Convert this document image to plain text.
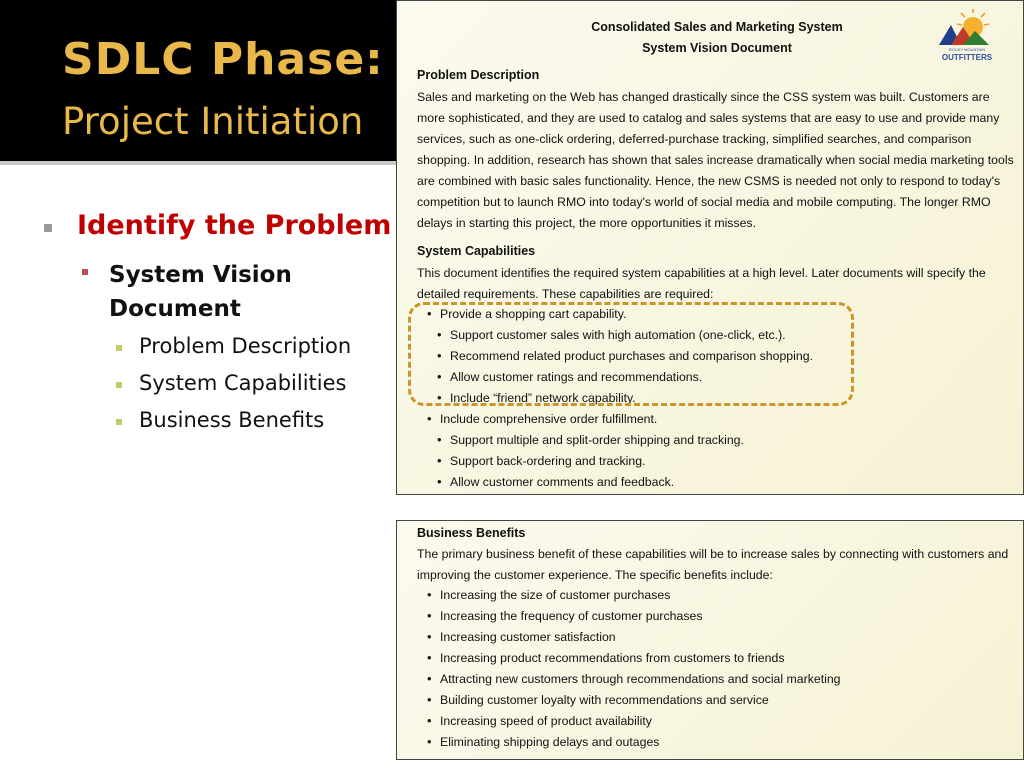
SDLC Phase:
Project Initiation
Identify the Problem
System Vision Document
Problem Description
System Capabilities
Business Benefits
Consolidated Sales and Marketing System
System Vision Document	ROCKY MOUNTAIN
OUTFITTERS
Problem Description
Sales and marketing on the Web has changed drastically since the CSS system was built. Customers are more sophisticated, and they are used to catalog and sales systems that are easy to use and provide many services, such as one-click ordering, deferred-purchase tracking, simplified searches, and comparison shopping. In addition, research has shown that sales increase dramatically when social media marketing tools are combined with basic sales functionality. Hence, the new CSMS is needed not only to respond to today's competition but to launch RMO into today's world of social media and mobile computing. The longer RMO delays in starting this project, the more opportunities it misses.
System Capabilities
This document identifies the required system capabilities at a high level. Later documents will specify the detailed requirements. These capabilities are required:
• Provide a shopping cart capability.
• Support customer sales with high automation (one-click, etc.).
• Recommend related product purchases and comparison shopping.
• Allow customer ratings and recommendations.
• Include “friend” network capability.
• Include comprehensive order fulfillment.
• Support multiple and split-order shipping and tracking.
• Support back-ordering and tracking.
• Allow customer comments and feedback.
Business Benefits
The primary business benefit of these capabilities will be to increase sales by connecting with customers and improving the customer experience. The specific benefits include:
• Increasing the size of customer purchases
• Increasing the frequency of customer purchases
• Increasing customer satisfaction
• Increasing product recommendations from customers to friends
• Attracting new customers through recommendations and social marketing
• Building customer loyalty with recommendations and service
• Increasing speed of product availability
• Eliminating shipping delays and outages
